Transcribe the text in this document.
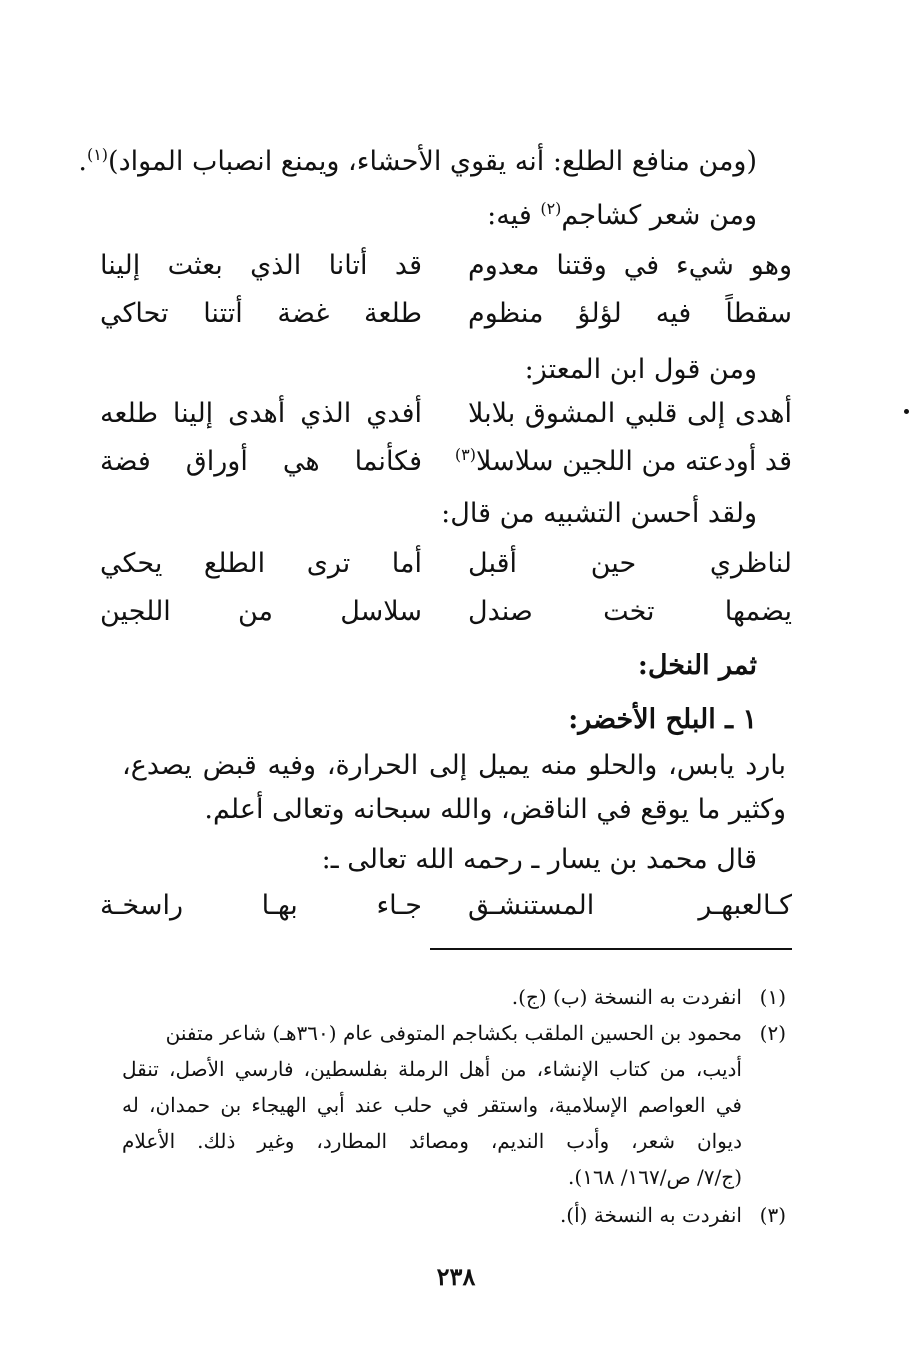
(ومن منافع الطلع: أنه يقوي الأحشاء، ويمنع انصباب المواد)$^{(١)}$.
ومن شعر كشاجم$^{(٢)}$ فيه:
قد أتانا الذي بعثت إلينا وهو شيء في وقتنا معدوم
طلعة غضة أتتنا تحاكي سقطاً فيه لؤلؤ منظوم
ومن قول ابن المعتز:
أفدي الذي أهدى إلينا طلعه أهدى إلى قلبي المشوق بلابلا
فكأنما هي أوراق فضة قد أودعته من اللجين سلاسلا$^{(٣)}$
ولقد أحسن التشبيه من قال:
أما ترى الطلع يحكي لناظري حين أقبل
سلاسل من اللجين يضمها تخت صندل
ثمر النخل:
١ ـ البلح الأخضر:
بارد يابس، والحلو منه يميل إلى الحرارة، وفيه قبض يصدع،
وكثير ما يوقع في الناقض، والله سبحانه وتعالى أعلم.
قال محمد بن يسار ـ رحمه الله تعالى ـ:
جـاء بهـا راسخـة كـالعبهـر المستنشـق
(١)انفردت به النسخة (ب) (ج).
(٢)محمود بن الحسين الملقب بكشاجم المتوفى عام (٣٦٠هـ) شاعر متفنن
أديب، من كتاب الإنشاء، من أهل الرملة بفلسطين، فارسي الأصل، تنقل
في العواصم الإسلامية، واستقر في حلب عند أبي الهيجاء بن حمدان، له
ديوان شعر، وأدب النديم، ومصائد المطارد، وغير ذلك. الأعلام
(ج/٧/ ص/١٦٧/ ١٦٨).
(٣)انفردت به النسخة (أ).
٢٣٨
